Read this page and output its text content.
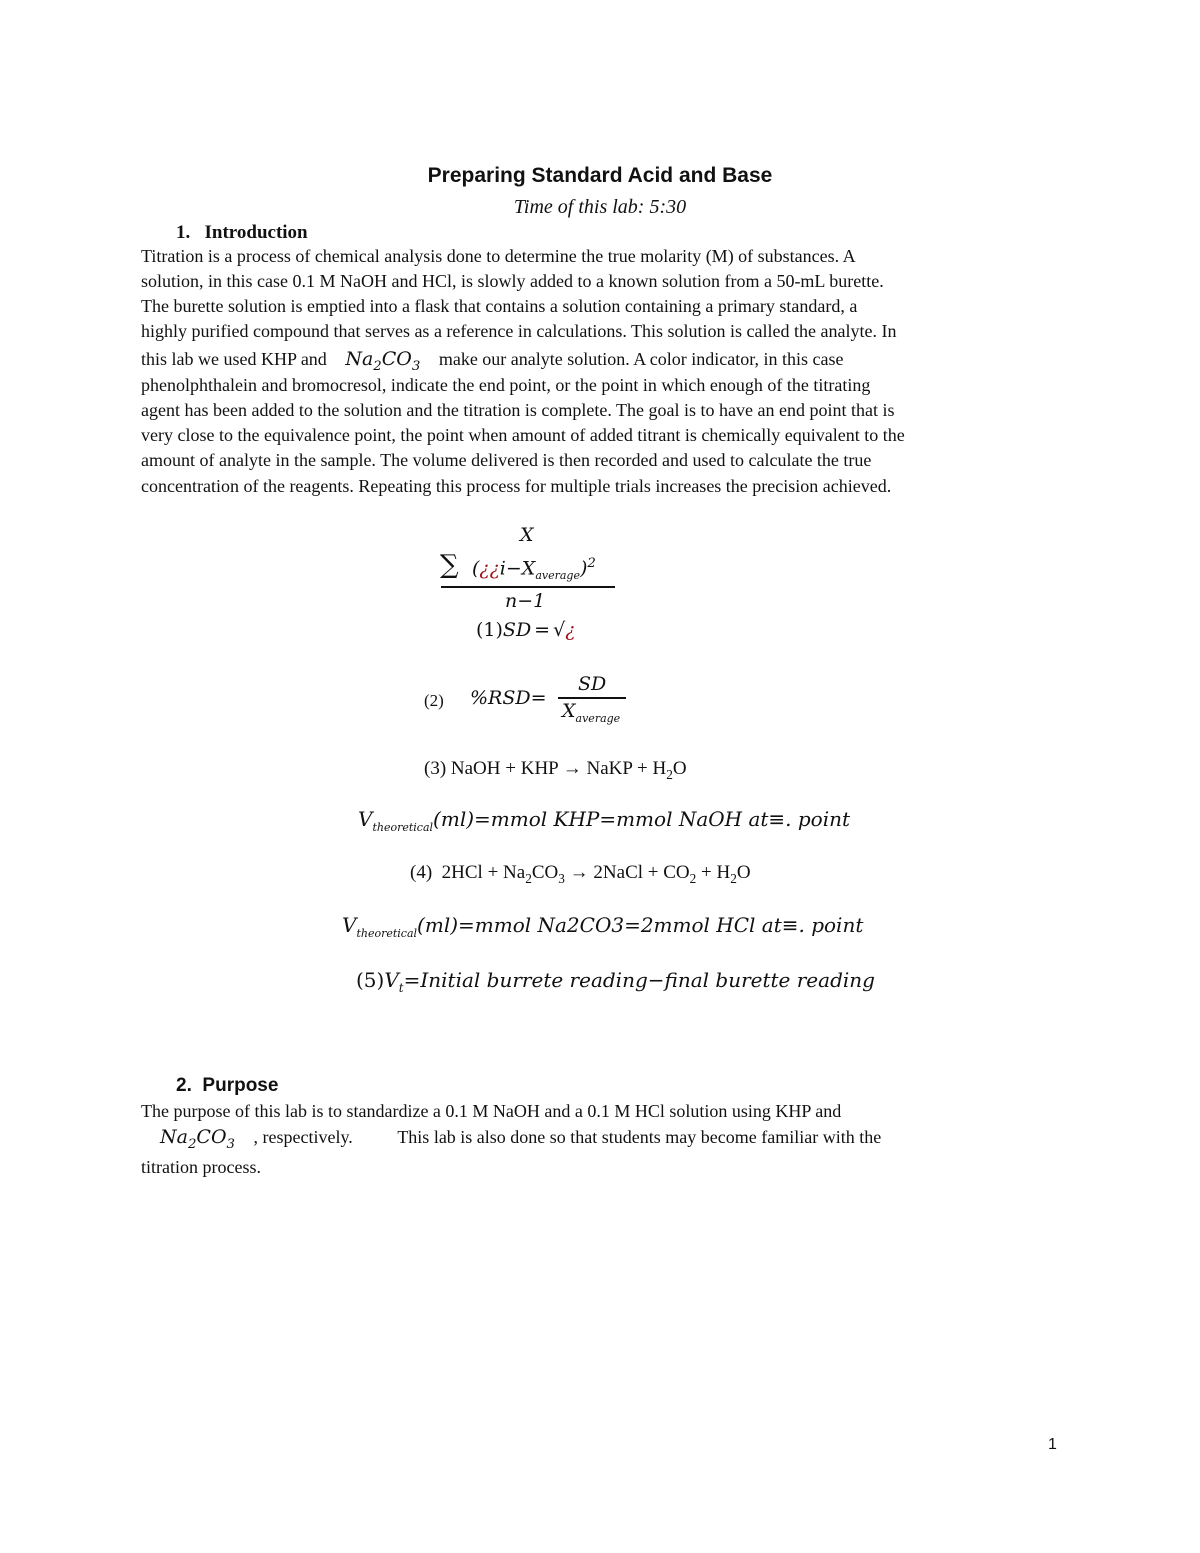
Preparing Standard Acid and Base
Time of this lab: 5:30
1. Introduction
Titration is a process of chemical analysis done to determine the true molarity (M) of substances. A
solution, in this case 0.1 M NaOH and HCl, is slowly added to a known solution from a 50-mL burette.
The burette solution is emptied into a flask that contains a solution containing a primary standard, a
highly purified compound that serves as a reference in calculations. This solution is called the analyte. In
this lab we used KHP and $Na_2CO_3$ make our analyte solution. A color indicator, in this case
phenolphthalein and bromocresol, indicate the end point, or the point in which enough of the titrating
agent has been added to the solution and the titration is complete. The goal is to have an end point that is
very close to the equivalence point, the point when amount of added titrant is chemically equivalent to the
amount of analyte in the sample. The volume delivered is then recorded and used to calculate the true
concentration of the reagents. Repeating this process for multiple trials increases the precision achieved.
X
∑ $(¿¿i-X_{average})^2$
n−1
(1)SD = √¿
(2) %RSD=
SD
$X_{average}$
(3) NaOH + KHP → NaKP + $H_2O$
$V_{theoretical}(ml)=mmol$ KHP=mmol NaOH at≡. point
(4) $2HCl + Na_2CO_3$ → 2NaCl + $CO_2 + H_2O$
$V_{theoretical}(ml)=mmol$ Na2CO3=2mmol HCl at≡. point
$(5)V_t=Initial$ burrete reading−final burette reading
2. Purpose
The purpose of this lab is to standardize a 0.1 M NaOH and a 0.1 M HCl solution using KHP and
$Na_2CO_3$ , respectively. This lab is also done so that students may become familiar with the
titration process.
1
